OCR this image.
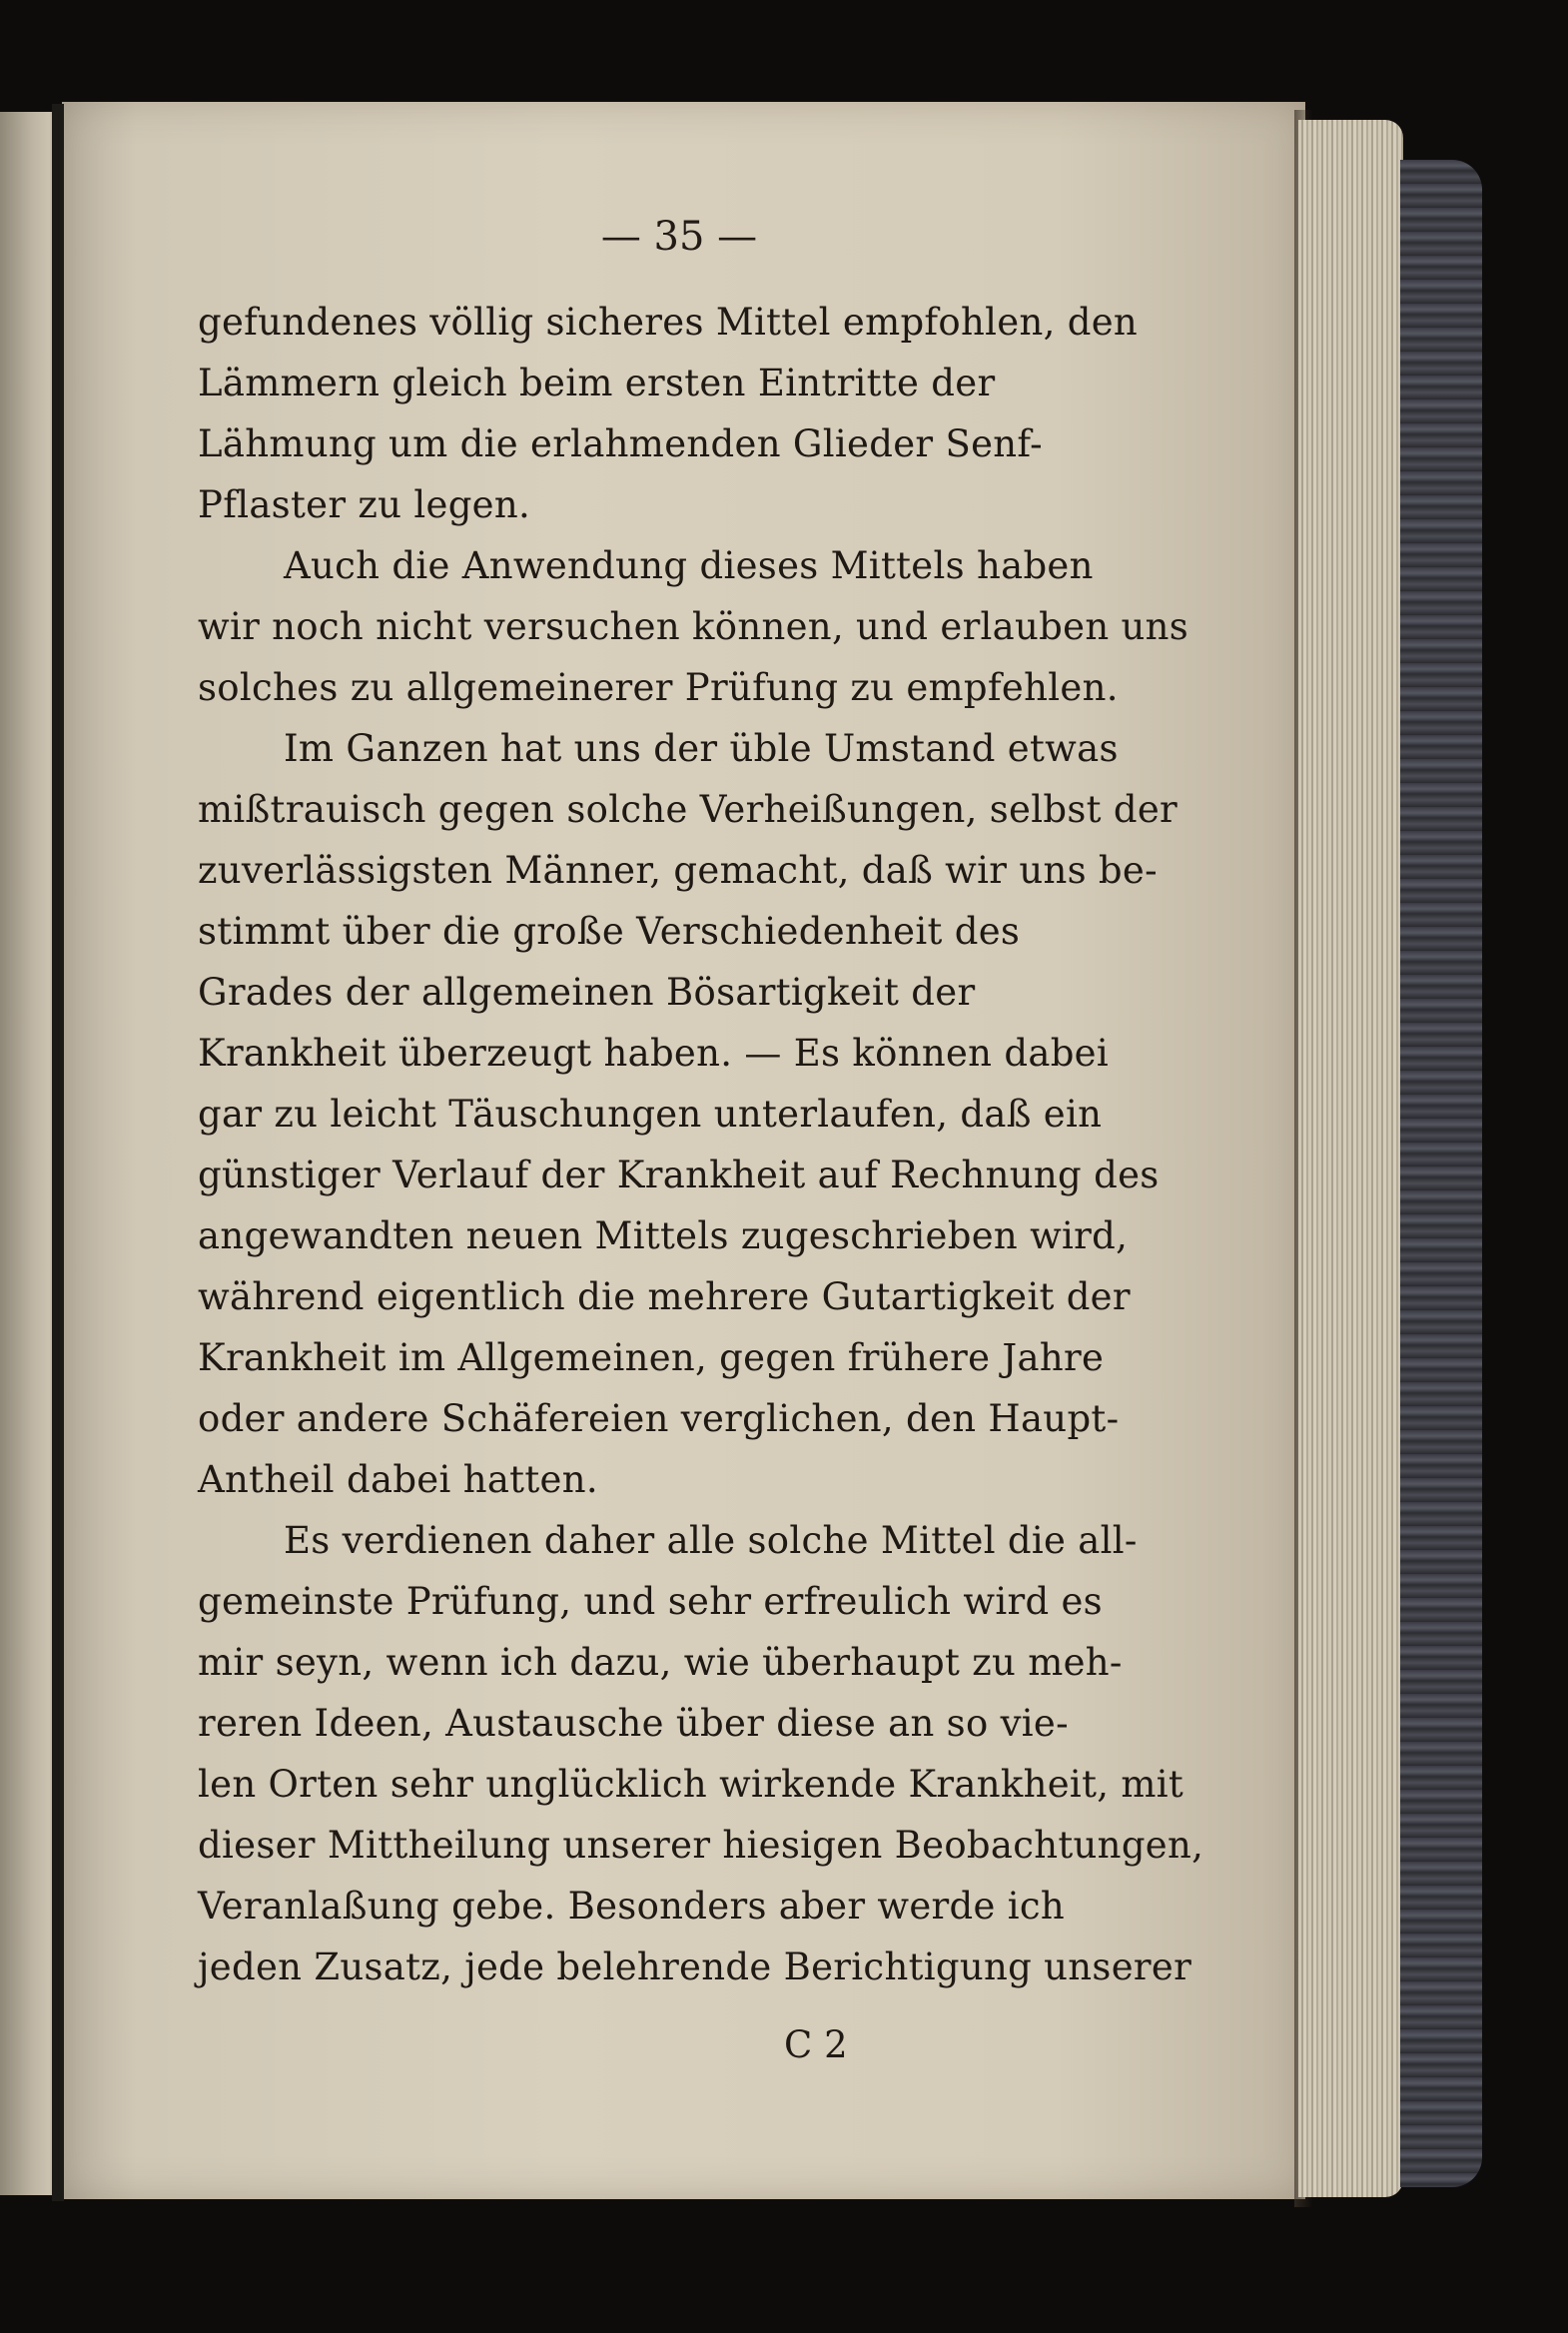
— 35 —
gefundenes völlig sicheres Mittel empfohlen, den
Lämmern gleich beim ersten Eintritte der
Lähmung um die erlahmenden Glieder Senf-
Pflaster zu legen.
Auch die Anwendung dieses Mittels haben
wir noch nicht versuchen können, und erlauben uns
solches zu allgemeinerer Prüfung zu empfehlen.
Im Ganzen hat uns der üble Umstand etwas
mißtrauisch gegen solche Verheißungen, selbst der
zuverlässigsten Männer, gemacht, daß wir uns be-
stimmt über die große Verschiedenheit des
Grades der allgemeinen Bösartigkeit der
Krankheit überzeugt haben. — Es können dabei
gar zu leicht Täuschungen unterlaufen, daß ein
günstiger Verlauf der Krankheit auf Rechnung des
angewandten neuen Mittels zugeschrieben wird,
während eigentlich die mehrere Gutartigkeit der
Krankheit im Allgemeinen, gegen frühere Jahre
oder andere Schäfereien verglichen, den Haupt-
Antheil dabei hatten.
Es verdienen daher alle solche Mittel die all-
gemeinste Prüfung, und sehr erfreulich wird es
mir seyn, wenn ich dazu, wie überhaupt zu meh-
reren Ideen, Austausche über diese an so vie-
len Orten sehr unglücklich wirkende Krankheit, mit
dieser Mittheilung unserer hiesigen Beobachtungen,
Veranlaßung gebe. Besonders aber werde ich
jeden Zusatz, jede belehrende Berichtigung unserer
C 2
